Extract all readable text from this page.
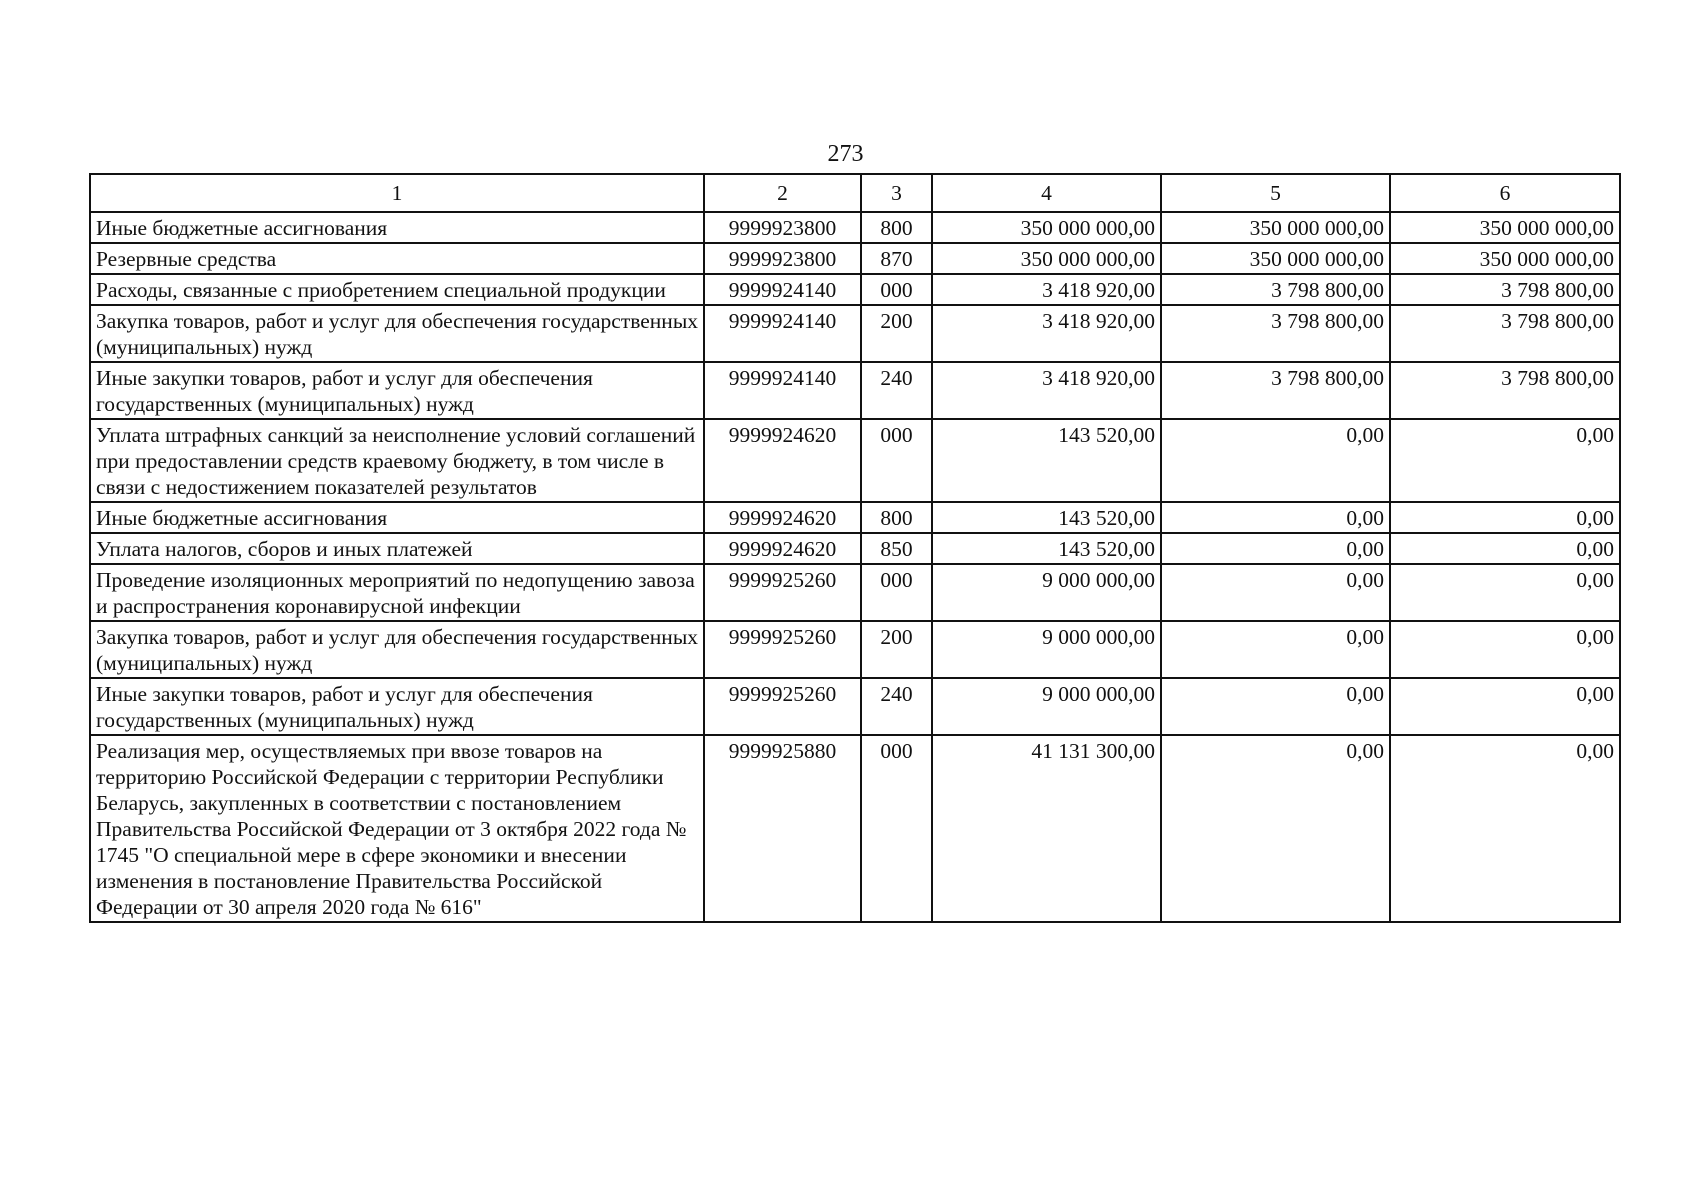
273
1	2	3	4	5	6
Иные бюджетные ассигнования	9999923800	800	350 000 000,00	350 000 000,00	350 000 000,00
Резервные средства	9999923800	870	350 000 000,00	350 000 000,00	350 000 000,00
Расходы, связанные с приобретением специальной продукции	9999924140	000	3 418 920,00	3 798 800,00	3 798 800,00
Закупка товаров, работ и услуг для обеспечения государственных (муниципальных) нужд	9999924140	200	3 418 920,00	3 798 800,00	3 798 800,00
Иные закупки товаров, работ и услуг для обеспечения государственных (муниципальных) нужд	9999924140	240	3 418 920,00	3 798 800,00	3 798 800,00
Уплата штрафных санкций за неисполнение условий соглашений при предоставлении средств краевому бюджету, в том числе в связи с недостижением показателей результатов	9999924620	000	143 520,00	0,00	0,00
Иные бюджетные ассигнования	9999924620	800	143 520,00	0,00	0,00
Уплата налогов, сборов и иных платежей	9999924620	850	143 520,00	0,00	0,00
Проведение изоляционных мероприятий по недопущению завоза и распространения коронавирусной инфекции	9999925260	000	9 000 000,00	0,00	0,00
Закупка товаров, работ и услуг для обеспечения государственных (муниципальных) нужд	9999925260	200	9 000 000,00	0,00	0,00
Иные закупки товаров, работ и услуг для обеспечения государственных (муниципальных) нужд	9999925260	240	9 000 000,00	0,00	0,00
Реализация мер, осуществляемых при ввозе товаров на территорию Российской Федерации с территории Республики Беларусь, закупленных в соответствии с постановлением Правительства Российской Федерации от 3 октября 2022 года № 1745 "О специальной мере в сфере экономики и внесении изменения в постановление Правительства Российской Федерации от 30 апреля 2020 года № 616"	9999925880	000	41 131 300,00	0,00	0,00
